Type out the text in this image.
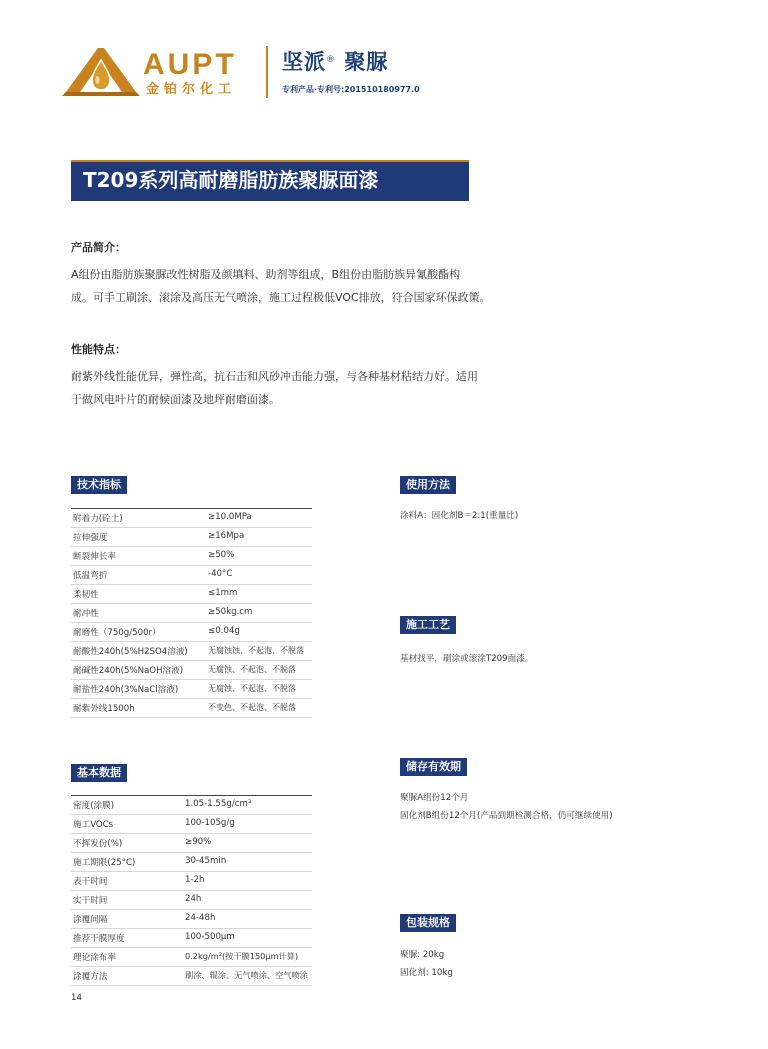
AUPT
金铂尔化工
坚派® 聚脲
专利产品·专利号:201510180977.0
T209系列高耐磨脂肪族聚脲面漆
产品简介：
A组份由脂肪族聚脲改性树脂及颜填料、助剂等组成，B组份由脂肪族异氰酸酯构
成。可手工刷涂、滚涂及高压无气喷涂，施工过程极低VOC排放，符合国家环保政策。
性能特点：
耐紫外线性能优异，弹性高，抗石击和风砂冲击能力强，与各种基材粘结力好。适用
于做风电叶片的耐候面漆及地坪耐磨面漆。
技术指标
附着力(砼土)	≥10.0MPa
拉伸强度	≥16Mpa
断裂伸长率	≥50%
低温弯折	-40°C
柔韧性	≤1mm
耐冲性	≥50kg.cm
耐磨性（750g/500r）	≤0.04g
耐酸性240h(5%H2SO4溶液)	无腐蚀蚀、不起泡、不脱落
耐碱性240h(5%NaOH溶液)	无腐蚀、不起泡、不脱落
耐盐性240h(3%NaCl溶液)	无腐蚀、不起泡、不脱落
耐紫外线1500h	不变色、不起泡、不脱落
基本数据
密度(涂膜)	1.05-1.55g/cm³
施工VOCs	100-105g/g
不挥发份(%)	≥90%
施工期限(25°C)	30-45min
表干时间	1-2h
实干时间	24h
涂覆间隔	24-48h
推荐干膜厚度	100-500μm
理论涂布率	0.2kg/m²(按干膜150μm计算)
涂覆方法	刷涂、辊涂、无气喷涂、空气喷涂
使用方法
涂料A：固化剂B＝2:1(重量比)
施工工艺
基材找平，刷涂或滚涂T209面漆。
储存有效期
聚脲A组份12个月
固化剂B组份12个月(产品到期检测合格，仍可继续使用)
包装规格
聚脲: 20kg
固化剂: 10kg
14
